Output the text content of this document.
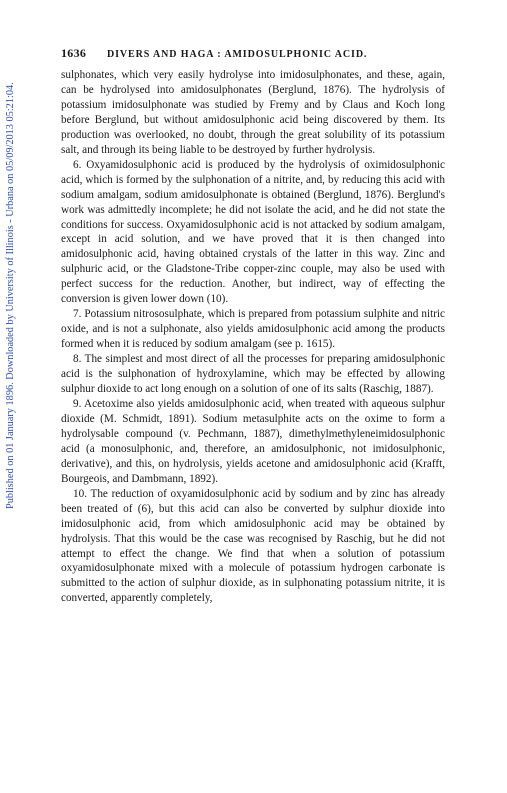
Published on 01 January 1896. Downloaded by University of Illinois - Urbana on 05/09/2013 05:21:04.
1636	DIVERS AND HAGA : AMIDOSULPHONIC ACID.

sulphonates, which very easily hydrolyse into imidosulphonates, and these, again, can be hydrolysed into amidosulphonates (Berglund, 1876). The hydrolysis of potassium imidosulphonate was studied by Fremy and by Claus and Koch long before Berglund, but without amidosulphonic acid being discovered by them. Its production was overlooked, no doubt, through the great solubility of its potassium salt, and through its being liable to be destroyed by further hydrolysis.

6. Oxyamidosulphonic acid is produced by the hydrolysis of oximidosulphonic acid, which is formed by the sulphonation of a nitrite, and, by reducing this acid with sodium amalgam, sodium amidosulphonate is obtained (Berglund, 1876). Berglund's work was admittedly incomplete; he did not isolate the acid, and he did not state the conditions for success. Oxyamidosulphonic acid is not attacked by sodium amalgam, except in acid solution, and we have proved that it is then changed into amidosulphonic acid, having obtained crystals of the latter in this way. Zinc and sulphuric acid, or the Gladstone-Tribe copper-zinc couple, may also be used with perfect success for the reduction. Another, but indirect, way of effecting the conversion is given lower down (10).

7. Potassium nitrososulphate, which is prepared from potassium sulphite and nitric oxide, and is not a sulphonate, also yields amidosulphonic acid among the products formed when it is reduced by sodium amalgam (see p. 1615).

8. The simplest and most direct of all the processes for preparing amidosulphonic acid is the sulphonation of hydroxylamine, which may be effected by allowing sulphur dioxide to act long enough on a solution of one of its salts (Raschig, 1887).

9. Acetoxime also yields amidosulphonic acid, when treated with aqueous sulphur dioxide (M. Schmidt, 1891). Sodium metasulphite acts on the oxime to form a hydrolysable compound (v. Pechmann, 1887), dimethylmethyleneimidosulphonic acid (a monosulphonic, and, therefore, an amidosulphonic, not imidosulphonic, derivative), and this, on hydrolysis, yields acetone and amidosulphonic acid (Krafft, Bourgeois, and Dambmann, 1892).

10. The reduction of oxyamidosulphonic acid by sodium and by zinc has already been treated of (6), but this acid can also be converted by sulphur dioxide into imidosulphonic acid, from which amidosulphonic acid may be obtained by hydrolysis. That this would be the case was recognised by Raschig, but he did not attempt to effect the change. We find that when a solution of potassium oxyamidosulphonate mixed with a molecule of potassium hydrogen carbonate is submitted to the action of sulphur dioxide, as in sulphonating potassium nitrite, it is converted, apparently completely,
